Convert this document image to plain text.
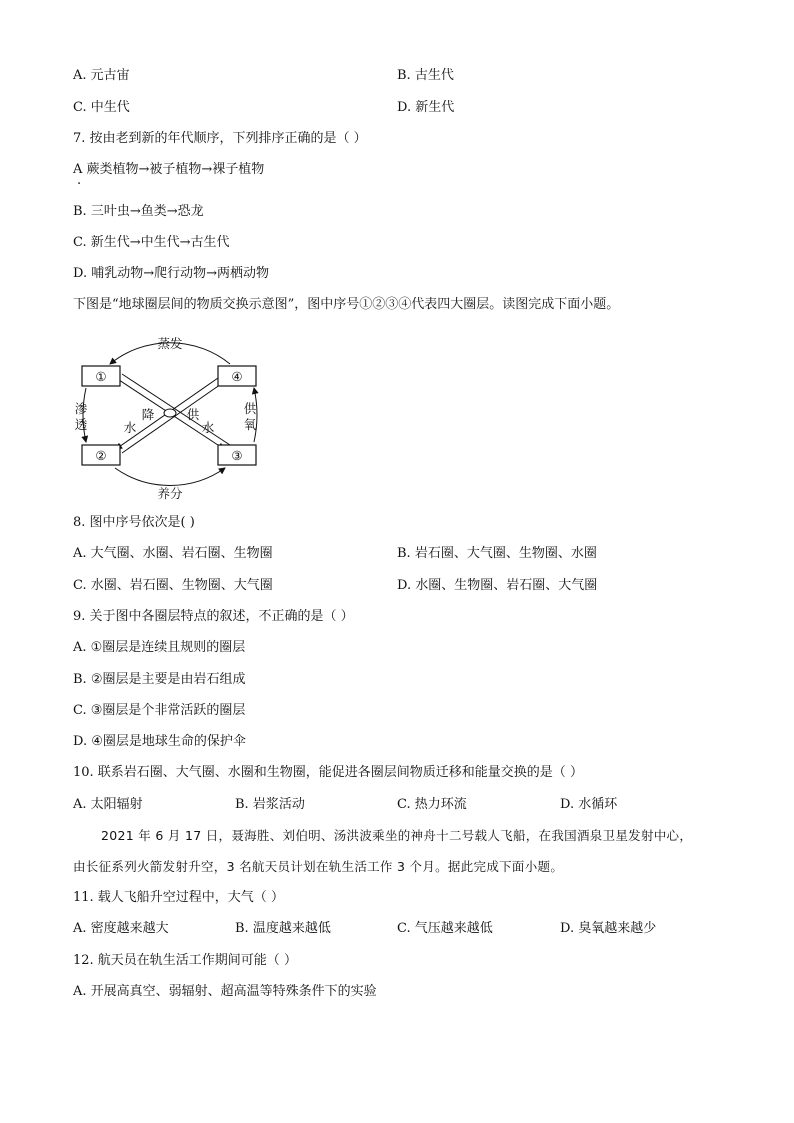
A. 元古宙	B. 古生代
C. 中生代	D. 新生代
7. 按由老到新的年代顺序，下列排序正确的是（ ）
A 蕨类植物→被子植物→裸子植物
.
B. 三叶虫→鱼类→恐龙
C. 新生代→中生代→古生代
D. 哺乳动物→爬行动物→两栖动物
下图是“地球圈层间的物质交换示意图”，图中序号①②③④代表四大圈层。读图完成下面小题。
①	④
②	③
蒸发
养分
渗
透
供
氧
降
水
供
水
8. 图中序号依次是( )
A. 大气圈、水圈、岩石圈、生物圈	B. 岩石圈、大气圈、生物圈、水圈
C. 水圈、岩石圈、生物圈、大气圈	D. 水圈、生物圈、岩石圈、大气圈
9. 关于图中各圈层特点的叙述，不正确的是（ ）
A. ①圈层是连续且规则的圈层
B. ②圈层是主要是由岩石组成
C. ③圈层是个非常活跃的圈层
D. ④圈层是地球生命的保护伞
10. 联系岩石圈、大气圈、水圈和生物圈，能促进各圈层间物质迁移和能量交换的是（ ）
A. 太阳辐射	B. 岩浆活动	C. 热力环流	D. 水循环
2021 年 6 月 17 日，聂海胜、刘伯明、汤洪波乘坐的神舟十二号载人飞船，在我国酒泉卫星发射中心，
由长征系列火箭发射升空，3 名航天员计划在轨生活工作 3 个月。据此完成下面小题。
11. 载人飞船升空过程中，大气（ ）
A. 密度越来越大	B. 温度越来越低	C. 气压越来越低	D. 臭氧越来越少
12. 航天员在轨生活工作期间可能（ ）
A. 开展高真空、弱辐射、超高温等特殊条件下的实验
